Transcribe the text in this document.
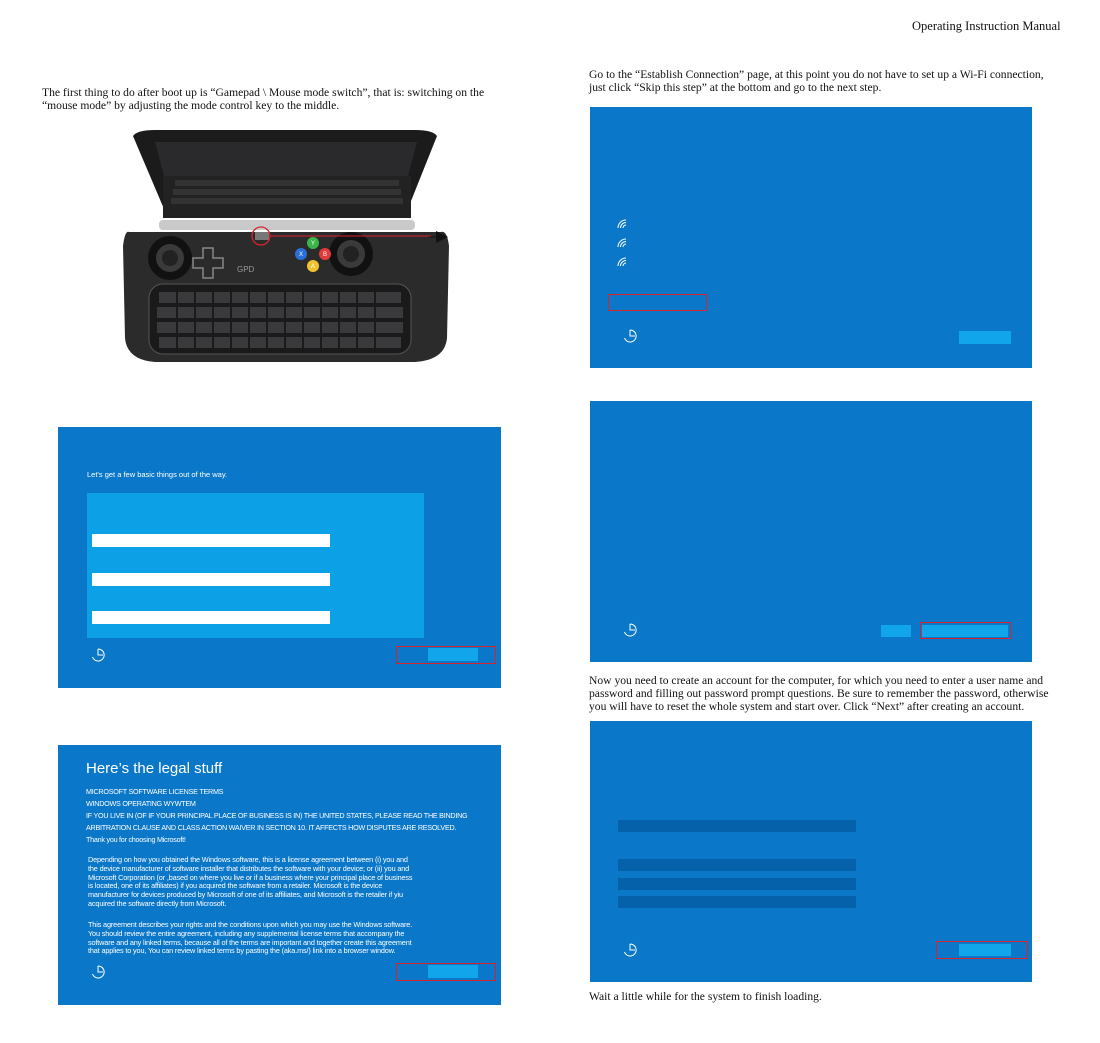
Operating Instruction Manual
The first thing to do after boot up is “Gamepad \ Mouse mode switch”, that is: switching on the “mouse mode” by adjusting the mode control key to the middle.
Y
X	B
A
GPD
Let's get a few basic things out of the way.
Here’s the legal stuff
MICROSOFT SOFTWARE LICENSE TERMS
WINDOWS OPERATING WYWTEM
IF YOU LIVE IN (OF IF YOUR PRINCIPAL PLACE OF BUSINESS IS IN) THE UNITED STATES, PLEASE READ THE BINDING
ARBITRATION CLAUSE AND CLASS ACTION WAIVER IN SECTION 10. IT AFFECTS HOW DISPUTES ARE RESOLVED.
Thank you for choosing Microsoft!
Depending on how you obtained the Windows software, this is a license agreement between (i) you and
the device manufacturer of software installer that distributes the software with your device; or (ii) you and
Microsoft Corporation (or ,based on where you live or if a business where your principal place of business
is located, one of its affiliates) if you acquired the software from a retailer. Microsoft is the device
manufacturer for devices produced by Microsoft of one of its affiliates, and Microsoft is the retailer if yiu
acquired the software directly from Microsoft.
This agreement describes your rights and the conditions upon which you may use the Windows software.
You should review the entire agreement, including any supplemental license terms that accompany the
software and any linked terms, because all of the terms are important and together create this agreement
that applies to you, You can review linked terms by pasting the (aka.ms/) link into a browser window.
Go to the “Establish Connection” page, at this point you do not have to set up a Wi-Fi connection, just click “Skip this step” at the bottom and go to the next step.
Now you need to create an account for the computer, for which you need to enter a user name and password and filling out password prompt questions. Be sure to remember the password, otherwise you will have to reset the whole system and start over. Click “Next” after creating an account.
Wait a little while for the system to finish loading.
